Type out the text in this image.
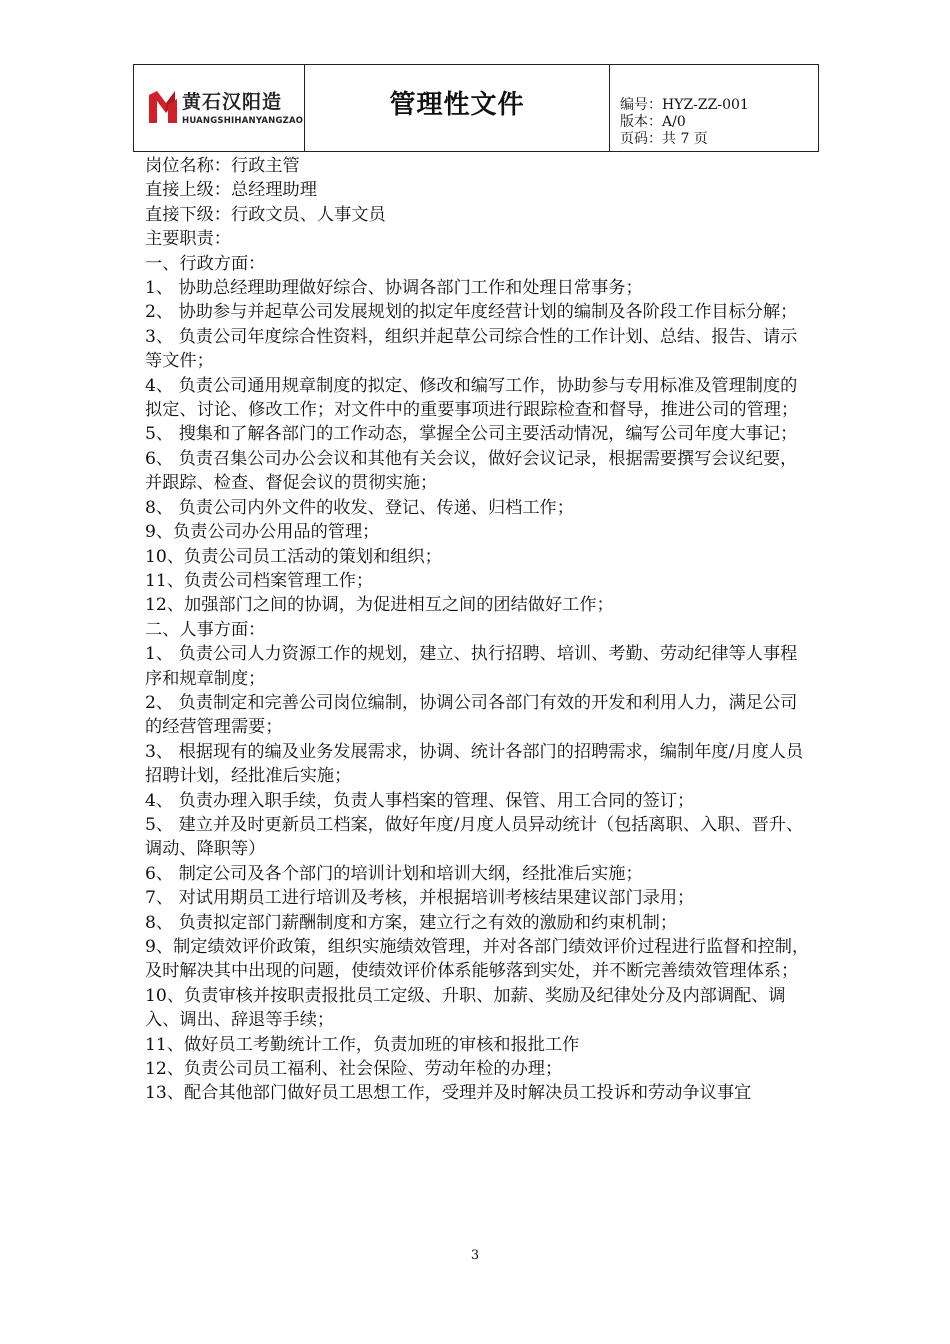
黄石汉阳造
HUANGSHIHANYANGZAO
管理性文件	编号：HYZ-ZZ-001
版本：A/0
页码：共 7 页

岗位名称：行政主管

直接上级：总经理助理

直接下级：行政文员、人事文员

主要职责：

一、行政方面：

1、 协助总经理助理做好综合、协调各部门工作和处理日常事务；

2、 协助参与并起草公司发展规划的拟定年度经营计划的编制及各阶段工作目标分解；

3、 负责公司年度综合性资料，组织并起草公司综合性的工作计划、总结、报告、请示等文件；

4、 负责公司通用规章制度的拟定、修改和编写工作，协助参与专用标准及管理制度的拟定、讨论、修改工作；对文件中的重要事项进行跟踪检查和督导，推进公司的管理；

5、 搜集和了解各部门的工作动态，掌握全公司主要活动情况，编写公司年度大事记；

6、 负责召集公司办公会议和其他有关会议，做好会议记录，根据需要撰写会议纪要，并跟踪、检查、督促会议的贯彻实施；

8、 负责公司内外文件的收发、登记、传递、归档工作；

9、负责公司办公用品的管理；

10、负责公司员工活动的策划和组织；

11、负责公司档案管理工作；

12、加强部门之间的协调，为促进相互之间的团结做好工作；

二、人事方面：

1、 负责公司人力资源工作的规划，建立、执行招聘、培训、考勤、劳动纪律等人事程序和规章制度；

2、 负责制定和完善公司岗位编制，协调公司各部门有效的开发和利用人力，满足公司的经营管理需要；

3、 根据现有的编及业务发展需求，协调、统计各部门的招聘需求，编制年度/月度人员招聘计划，经批准后实施；

4、 负责办理入职手续，负责人事档案的管理、保管、用工合同的签订；

5、 建立并及时更新员工档案，做好年度/月度人员异动统计（包括离职、入职、晋升、调动、降职等）

6、 制定公司及各个部门的培训计划和培训大纲，经批准后实施；

7、 对试用期员工进行培训及考核，并根据培训考核结果建议部门录用；

8、 负责拟定部门薪酬制度和方案，建立行之有效的激励和约束机制；

9、制定绩效评价政策，组织实施绩效管理，并对各部门绩效评价过程进行监督和控制，及时解决其中出现的问题，使绩效评价体系能够落到实处，并不断完善绩效管理体系；

10、负责审核并按职责报批员工定级、升职、加薪、奖励及纪律处分及内部调配、调入、调出、辞退等手续；

11、做好员工考勤统计工作，负责加班的审核和报批工作

12、负责公司员工福利、社会保险、劳动年检的办理；

13、配合其他部门做好员工思想工作，受理并及时解决员工投诉和劳动争议事宜

3
